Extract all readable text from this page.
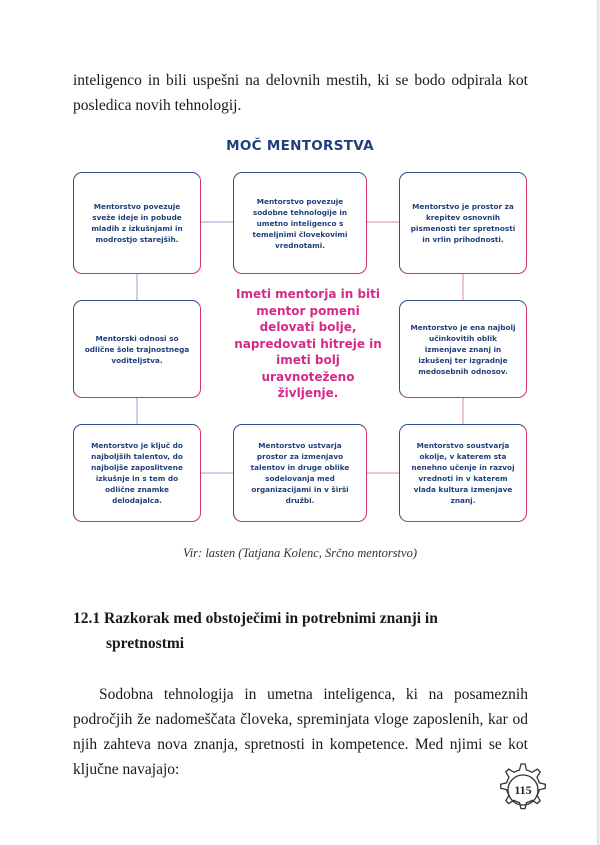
inteligenco in bili uspešni na delovnih mestih, ki se bodo odpirala kot posledica novih tehnologij.

MOČ MENTORSTVA
Mentorstvo povezuje sveže ideje in pobude mladih z izkušnjami in modrostjo starejših.
Mentorstvo povezuje sodobne tehnologije in umetno inteligenco s temeljnimi človekovimi vrednotami.
Mentorstvo je prostor za krepitev osnovnih pismenosti ter spretnosti in vrlin prihodnosti.
Mentorski odnosi so odlične šole trajnostnega voditeljstva.
Imeti mentorja in biti mentor pomeni delovati bolje, napredovati hitreje in imeti bolj uravnoteženo življenje.
Mentorstvo je ena najbolj učinkovitih oblik izmenjave znanj in izkušenj ter izgradnje medosebnih odnosov.
Mentorstvo je ključ do najboljših talentov, do najboljše zaposlitvene izkušnje in s tem do odlične znamke delodajalca.
Mentorstvo ustvarja prostor za izmenjavo talentov in druge oblike sodelovanja med organizacijami in v širši družbi.
Mentorstvo soustvarja okolje, v katerem sta nenehno učenje in razvoj vrednoti in v katerem vlada kultura izmenjave znanj.
Vir: lasten (Tatjana Kolenc, Srčno mentorstvo)
12.1 Razkorak med obstoječimi in potrebnimi znanji in
spretnostmi

Sodobna tehnologija in umetna inteligenca, ki na posameznih področjih že nadomeščata človeka, spreminjata vloge zaposlenih, kar od njih zahteva nova znanja, spretnosti in kompetence. Med njimi se kot ključne navajajo:

115
